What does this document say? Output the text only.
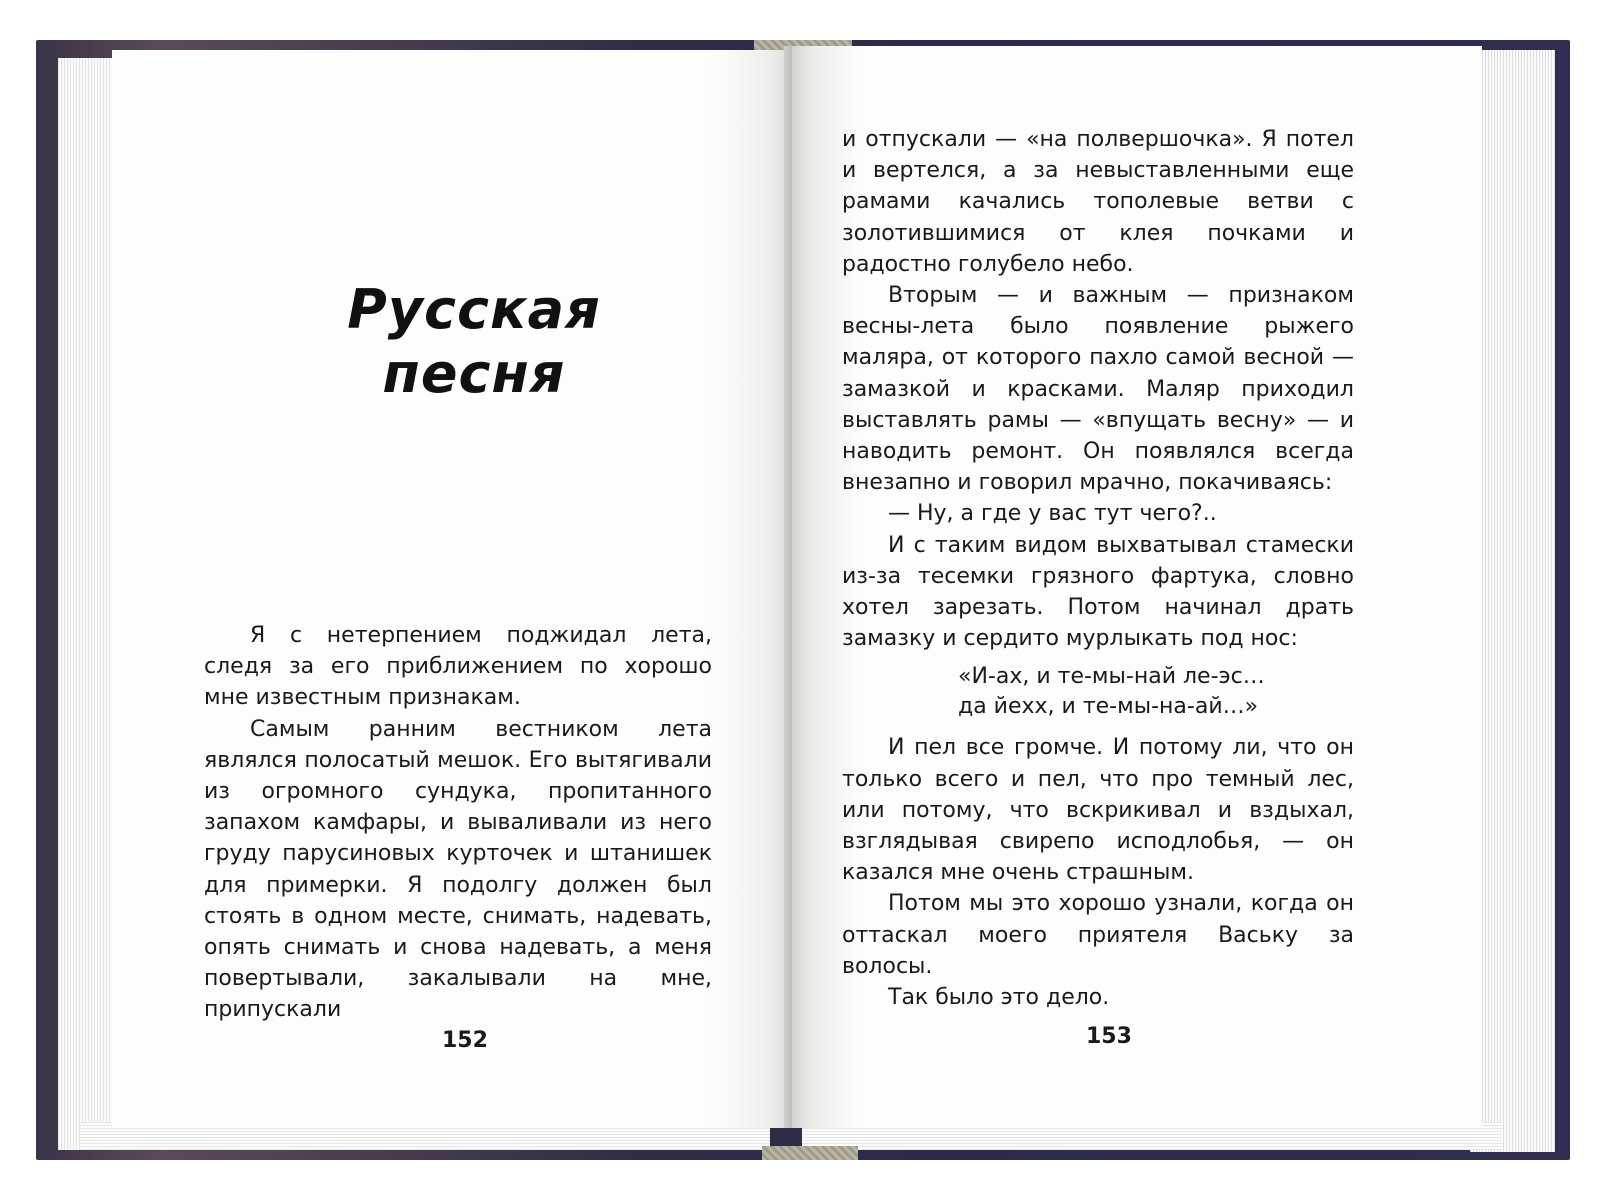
Русская
песня

Я с нетерпением поджидал лета, следя за его приближением по хорошо мне известным признакам.

Самым ранним вестником лета являлся полосатый мешок. Его вытягивали из огромного сундука, пропитанного запахом камфары, и вываливали из него груду парусиновых курточек и штанишек для примерки. Я подолгу должен был стоять в одном месте, снимать, надевать, опять снимать и снова надевать, а меня повертывали, закалывали на мне, припускали

152

и отпускали — «на полвершочка». Я потел и вертелся, а за невыставленными еще рамами качались тополевые ветви с золотившимися от клея почками и радостно голубело небо.

Вторым — и важным — признаком весны-лета было появление рыжего маляра, от которого пахло самой весной — замазкой и красками. Маляр приходил выставлять рамы — «впущать весну» — и наводить ремонт. Он появлялся всегда внезапно и говорил мрачно, покачиваясь:

— Ну, а где у вас тут чего?..

И с таким видом выхватывал стамески из-за тесемки грязного фартука, словно хотел зарезать. Потом начинал драть замазку и сердито мурлыкать под нос:

«И-ах, и те-мы-най ле-эс…
да йехх, и те-мы-на-ай…»

И пел все громче. И потому ли, что он только всего и пел, что про темный лес, или потому, что вскрикивал и вздыхал, взглядывая свирепо исподлобья, — он казался мне очень страшным.

Потом мы это хорошо узнали, когда он оттаскал моего приятеля Ваську за волосы.

Так было это дело.

153
